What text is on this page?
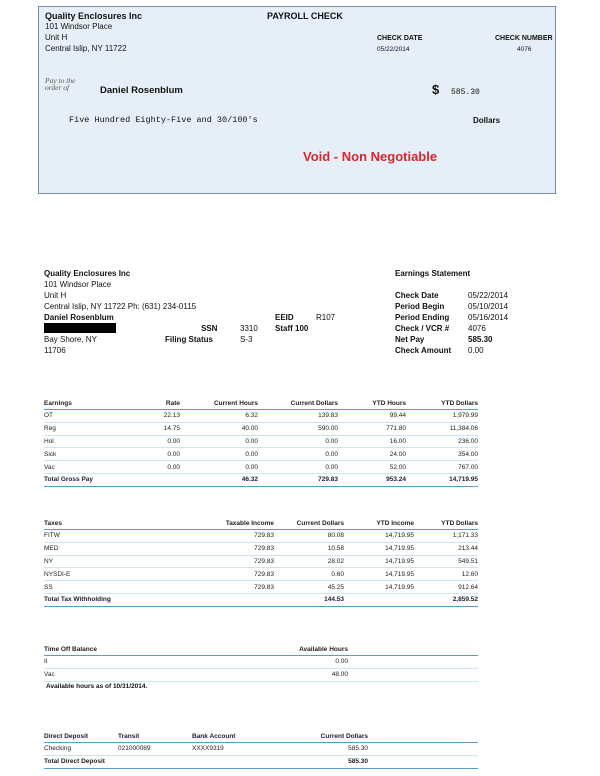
Quality Enclosures Inc
101 Windsor Place
Unit H
Central Islip, NY 11722
PAYROLL CHECK
CHECK DATE
05/22/2014
CHECK NUMBER
4076
Pay to the
order of	Daniel Rosenblum	$ 585.30
Five Hundred Eighty-Five and 30/100's	Dollars
Void - Non Negotiable
Quality Enclosures Inc
101 Windsor Place
Unit H
Central Islip, NY 11722 Ph: (631) 234-0115
Daniel Rosenblum
Bay Shore, NY
11706
SSN	3310
Filing Status	S-3
EEID	R107
Staff 100
Earnings Statement
Check Date	05/22/2014
Period Begin	05/10/2014
Period Ending 05/16/2014
Check / VCR # 4076
Net Pay	585.30
Check Amount 0.00
Earnings	Rate	Current Hours	Current Dollars	YTD Hours	YTD Dollars
OT	22.13	6.32	139.83	99.44	1,979.99
Reg	14.75	40.00	590.00	771.80	11,384.06
Hol	0.00	0.00	0.00	16.00	236.00
Sick	0.00	0.00	0.00	24.00	354.00
Vac	0.00	0.00	0.00	52.00	767.00
Total Gross Pay		46.32	729.83	953.24	14,719.95
Taxes	Taxable Income	Current Dollars	YTD Income	YTD Dollars
FITW	729.83	80.08	14,719.95	1,171.33
MED	729.83	10.58	14,719.95	213.44
NY	729.83	28.02	14,719.95	549.51
NYSDI-E	729.83	0.60	14,719.95	12.60
SS	729.83	45.25	14,719.95	912.64
Total Tax Withholding		144.53		2,859.52
Time Off Balance	Available Hours	
II	0.00	
Vac	48.00	
Available hours as of 10/31/2014.
Direct Deposit	Transit	Bank Account	Current Dollars	
Checking	021000089	XXXX9319	585.30	
Total Direct Deposit			585.30	
